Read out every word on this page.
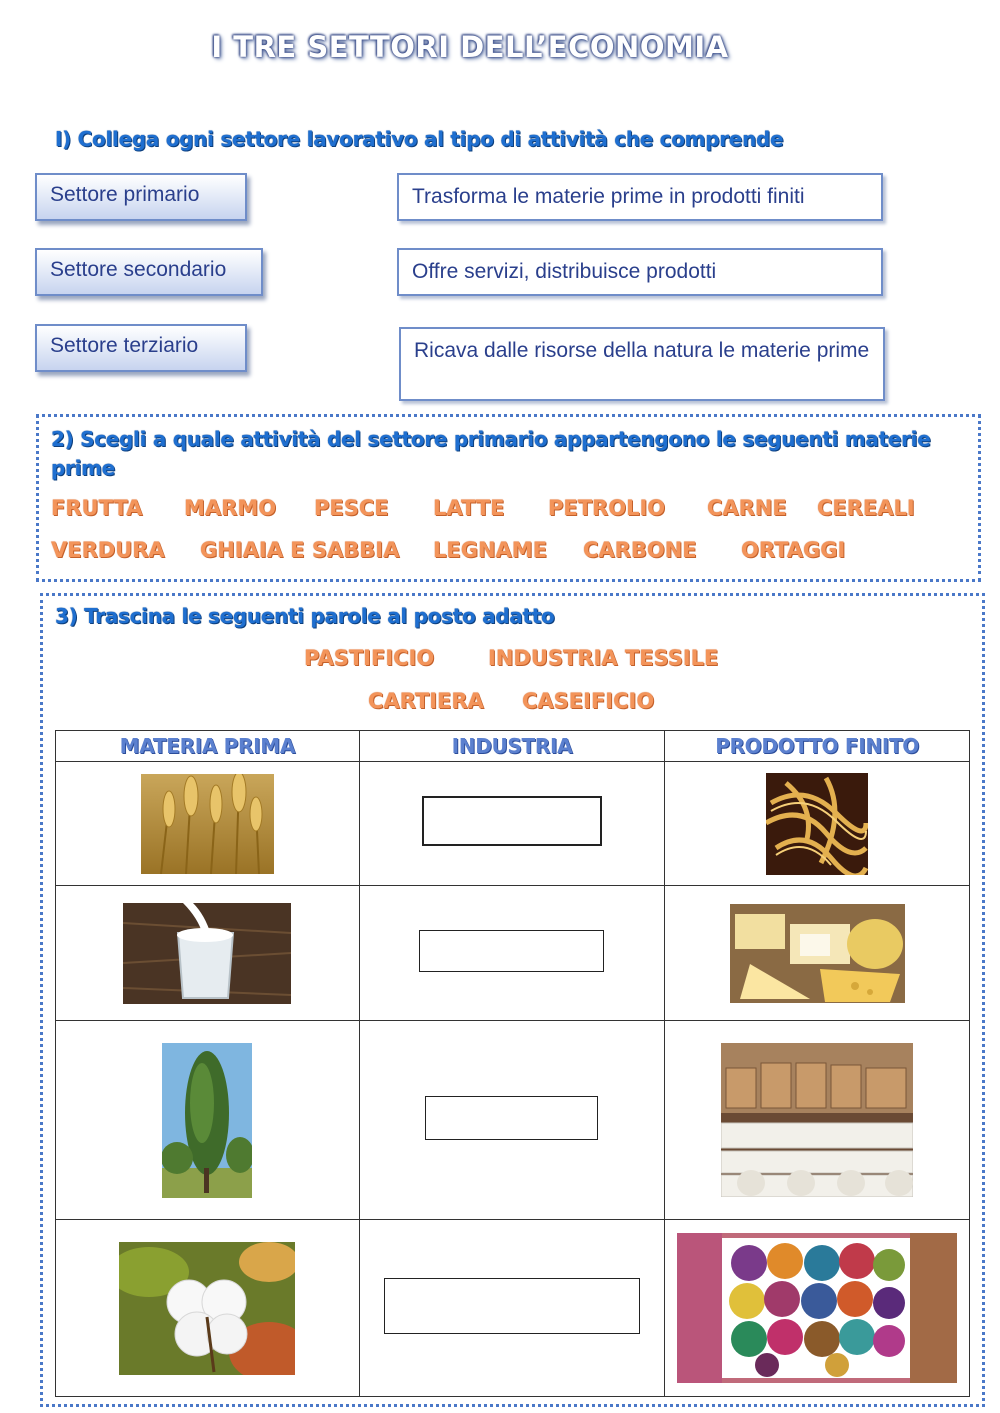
I TRE SETTORI DELL’ECONOMIA
I) Collega ogni settore lavorativo al tipo di attività che comprende
Settore primario
Settore secondario
Settore terziario
Trasforma le materie prime in prodotti finiti
Offre servizi, distribuisce prodotti
Ricava dalle risorse della natura le materie prime
2) Scegli a quale attività del settore primario appartengono le seguenti materie prime
FRUTTA MARMO PESCE LATTE PETROLIO CARNE CEREALI
VERDURA GHIAIA E SABBIA LEGNAME CARBONE ORTAGGI
3) Trascina le seguenti parole al posto adatto
PASTIFICIO	INDUSTRIA TESSILE
CARTIERA CASEIFICIO
MATERIA PRIMA	INDUSTRIA	PRODOTTO FINITO
